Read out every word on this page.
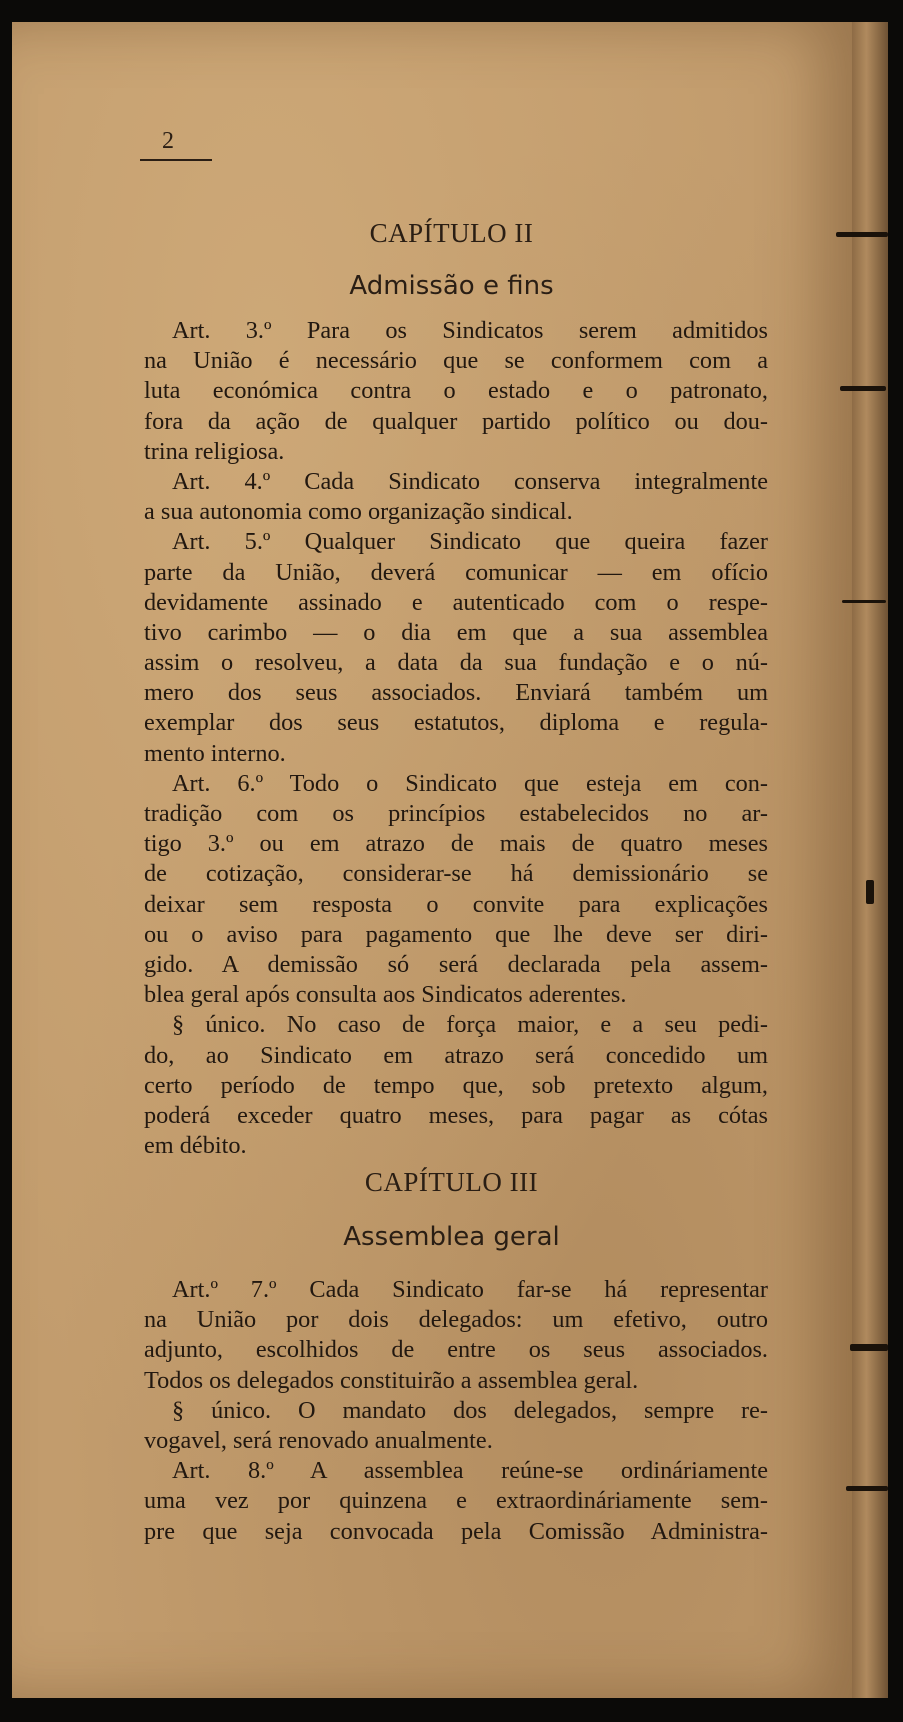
2
CAPÍTULO II
Admissão e fins
Art. 3.º Para os Sindicatos serem admitidos
na União é necessário que se conformem com a
luta económica contra o estado e o patronato,
fora da ação de qualquer partido político ou dou-
trina religiosa.
Art. 4.º Cada Sindicato conserva integralmente
a sua autonomia como organização sindical.
Art. 5.º Qualquer Sindicato que queira fazer
parte da União, deverá comunicar — em ofício
devidamente assinado e autenticado com o respe-
tivo carimbo — o dia em que a sua assemblea
assim o resolveu, a data da sua fundação e o nú-
mero dos seus associados. Enviará também um
exemplar dos seus estatutos, diploma e regula-
mento interno.
Art. 6.º Todo o Sindicato que esteja em con-
tradição com os princípios estabelecidos no ar-
tigo 3.º ou em atrazo de mais de quatro meses
de cotização, considerar-se há demissionário se
deixar sem resposta o convite para explicações
ou o aviso para pagamento que lhe deve ser diri-
gido. A demissão só será declarada pela assem-
blea geral após consulta aos Sindicatos aderentes.
§ único. No caso de força maior, e a seu pedi-
do, ao Sindicato em atrazo será concedido um
certo período de tempo que, sob pretexto algum,
poderá exceder quatro meses, para pagar as cótas
em débito.
CAPÍTULO III
Assemblea geral
Art.º 7.º Cada Sindicato far-se há representar
na União por dois delegados: um efetivo, outro
adjunto, escolhidos de entre os seus associados.
Todos os delegados constituirão a assemblea geral.
§ único. O mandato dos delegados, sempre re-
vogavel, será renovado anualmente.
Art. 8.º A assemblea reúne-se ordináriamente
uma vez por quinzena e extraordináriamente sem-
pre que seja convocada pela Comissão Administra-
